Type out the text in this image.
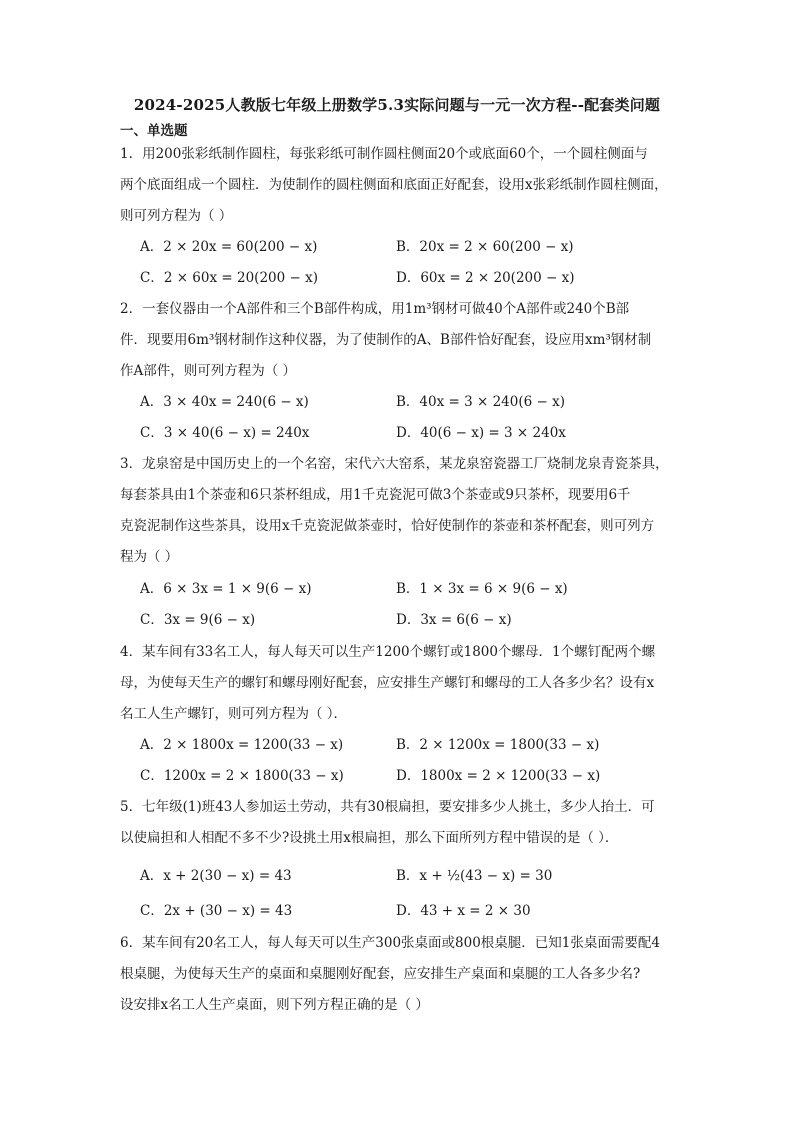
2024-2025人教版七年级上册数学5.3实际问题与一元一次方程--配套类问题
一、单选题
1．用200张彩纸制作圆柱，每张彩纸可制作圆柱侧面20个或底面60个，一个圆柱侧面与
两个底面组成一个圆柱．为使制作的圆柱侧面和底面正好配套，设用x张彩纸制作圆柱侧面，
则可列方程为（ ）
A．2 × 20x = 60(200 − x)	B．20x = 2 × 60(200 − x)
C．2 × 60x = 20(200 − x)	D．60x = 2 × 20(200 − x)
2．一套仪器由一个A部件和三个B部件构成，用1m³钢材可做40个A部件或240个B部
件．现要用6m³钢材制作这种仪器，为了使制作的A、B部件恰好配套，设应用xm³钢材制
作A部件，则可列方程为（ ）
A．3 × 40x = 240(6 − x)	B．40x = 3 × 240(6 − x)
C．3 × 40(6 − x) = 240x	D．40(6 − x) = 3 × 240x
3．龙泉窑是中国历史上的一个名窑，宋代六大窑系，某龙泉窑瓷器工厂烧制龙泉青瓷茶具，
每套茶具由1个茶壶和6只茶杯组成，用1千克瓷泥可做3个茶壶或9只茶杯，现要用6千
克瓷泥制作这些茶具，设用x千克瓷泥做茶壶时，恰好使制作的茶壶和茶杯配套，则可列方
程为（ ）
A．6 × 3x = 1 × 9(6 − x)	B．1 × 3x = 6 × 9(6 − x)
C．3x = 9(6 − x)	D．3x = 6(6 − x)
4．某车间有33名工人，每人每天可以生产1200个螺钉或1800个螺母．1个螺钉配两个螺
母，为使每天生产的螺钉和螺母刚好配套，应安排生产螺钉和螺母的工人各多少名？设有x
名工人生产螺钉，则可列方程为（ ）．
A．2 × 1800x = 1200(33 − x)	B．2 × 1200x = 1800(33 − x)
C．1200x = 2 × 1800(33 − x)	D．1800x = 2 × 1200(33 − x)
5．七年级(1)班43人参加运土劳动，共有30根扁担，要安排多少人挑土，多少人抬土．可
以使扁担和人相配不多不少?设挑土用x根扁担，那么下面所列方程中错误的是（ ）．
A．x + 2(30 − x) = 43	B．x + ½(43 − x) = 30
C．2x + (30 − x) = 43	D．43 + x = 2 × 30
6．某车间有20名工人，每人每天可以生产300张桌面或800根桌腿．已知1张桌面需要配4
根桌腿，为使每天生产的桌面和桌腿刚好配套，应安排生产桌面和桌腿的工人各多少名?
设安排x名工人生产桌面，则下列方程正确的是（ ）
